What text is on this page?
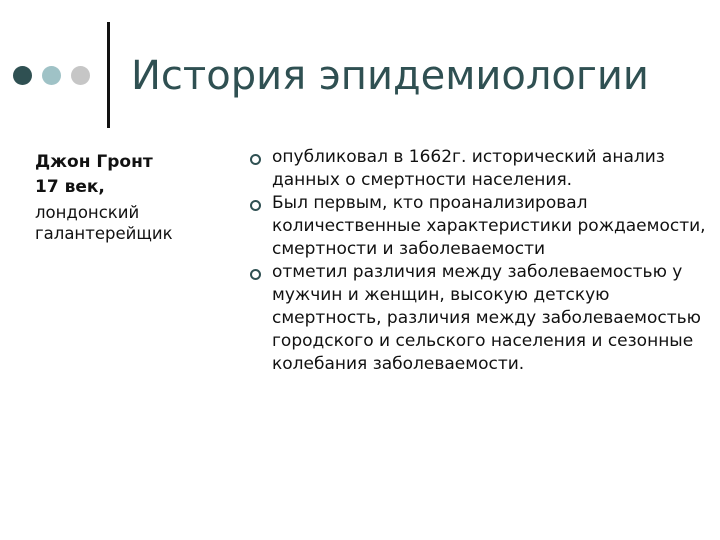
История эпидемиологии
Джон Гронт
17 век,
лондонский галантерейщик
опубликовал в 1662г. исторический анализ данных о смертности населения.
Был первым, кто проанализировал количественные характеристики рождаемости, смертности и заболеваемости
отметил различия между заболеваемостью у мужчин и женщин, высокую детскую смертность, различия между заболеваемостью городского и сельского населения и сезонные колебания заболеваемости.
